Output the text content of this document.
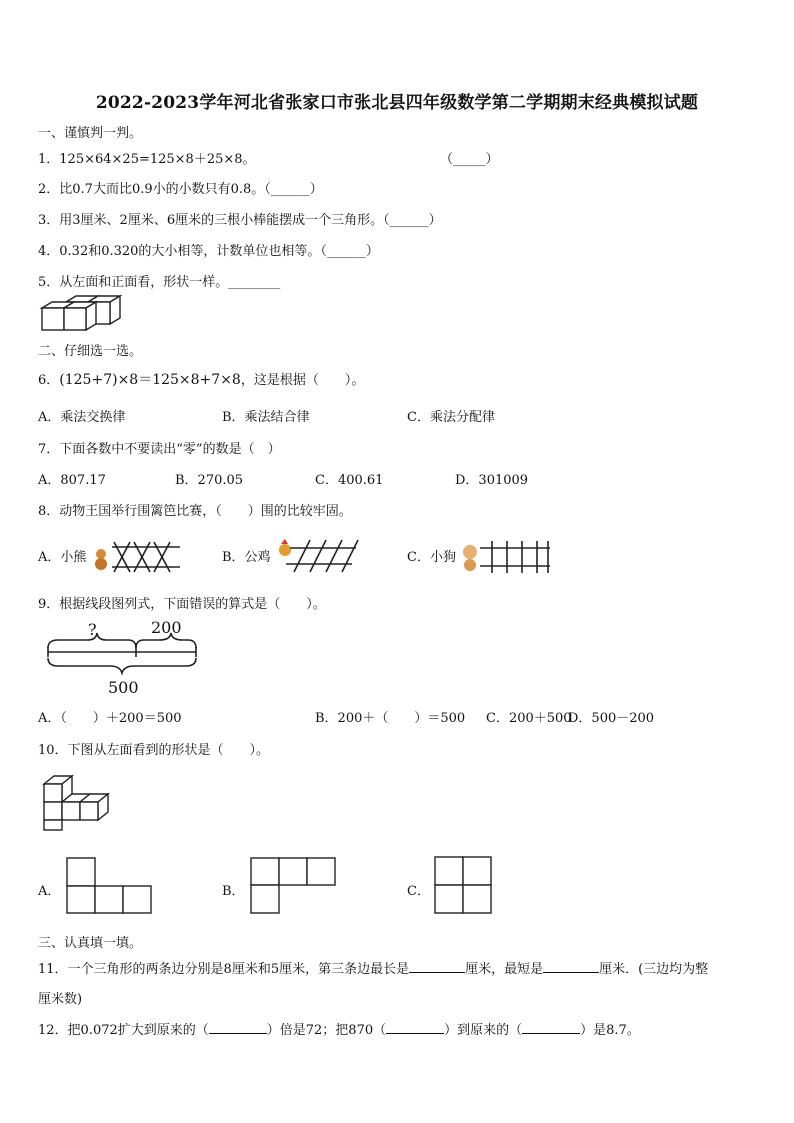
2022-2023学年河北省张家口市张北县四年级数学第二学期期末经典模拟试题
一、谨慎判一判。
1．125×64×25=125×8＋25×8。	（_____）
2．比0.7大而比0.9小的小数只有0.8。（______）
3．用3厘米、2厘米、6厘米的三根小棒能摆成一个三角形。（______）
4．0.32和0.320的大小相等，计数单位也相等。（______）
5．从左面和正面看，形状一样。________
二、仔细选一选。
6．(125+7)×8＝125×8+7×8，这是根据（　　）。
A．乘法交换律	B．乘法结合律	C．乘法分配律
7．下面各数中不要读出“零”的数是（　）
A．807.17	B．270.05	C．400.61	D．301009
8．动物王国举行围篱笆比赛，（　　）围的比较牢固。
A．小熊	B．公鸡	C．小狗
9．根据线段图列式，下面错误的算式是（　　）。
?	200
500
A．（　　）＋200＝500	B．200＋（　　）＝500 C．200＋500
D．500－200
10．下图从左面看到的形状是（　　）。
A．	B．	C．
三、认真填一填。
11．一个三角形的两条边分别是8厘米和5厘米，第三条边最长是	厘米，最短是	厘米．(三边均为整
厘米数)
12．把0.072扩大到原来的（	）倍是72；把870（	）到原来的（	）是8.7。
